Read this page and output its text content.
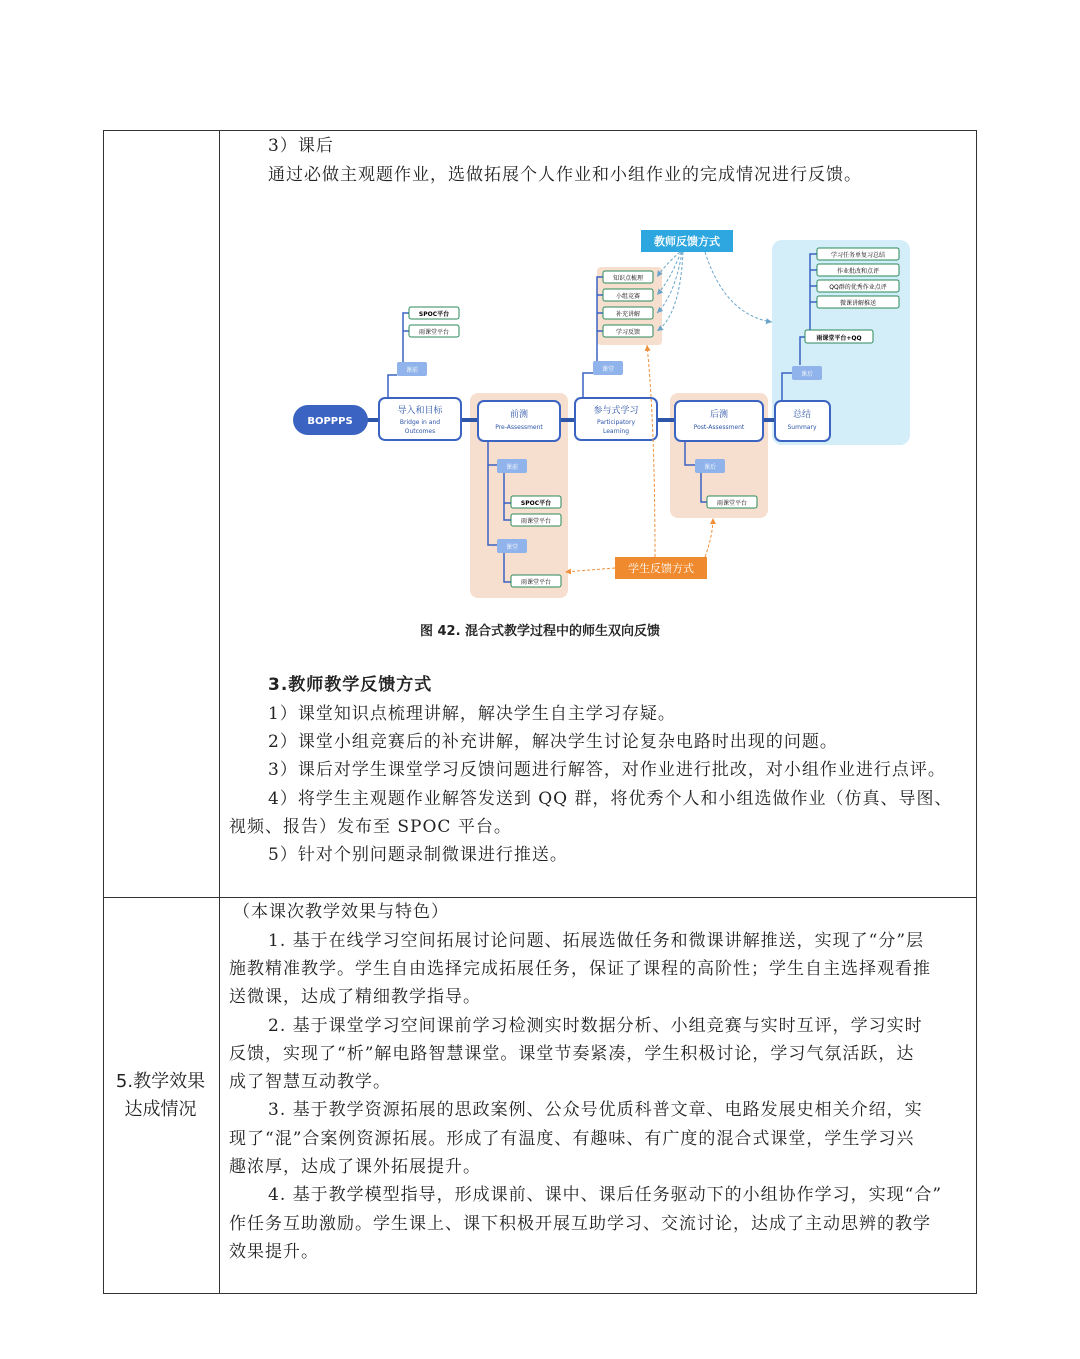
3）课后
通过必做主观题作业，选做拓展个人作业和小组作业的完成情况进行反馈。
BOPPPS
导入和目标
Bridge in and
Outcomes
前测
Pre-Assessment
参与式学习
Participatory
Learning
后测
Post-Assessment
总结
Summary
课前
SPOC平台
雨课堂平台
课前
SPOC平台
雨课堂平台
课堂
雨课堂平台
课堂
知识点梳理
小组竞赛
补充讲解
学习反馈
课后
雨课堂平台
课后
雨课堂平台+QQ
学习任务单复习总结
作业批改和点评
QQ群的优秀作业点评
微课讲解推送
教师反馈方式
学生反馈方式
图 42. 混合式教学过程中的师生双向反馈
3.教师教学反馈方式
1）课堂知识点梳理讲解，解决学生自主学习存疑。
2）课堂小组竞赛后的补充讲解，解决学生讨论复杂电路时出现的问题。
3）课后对学生课堂学习反馈问题进行解答，对作业进行批改，对小组作业进行点评。
4）将学生主观题作业解答发送到 QQ 群，将优秀个人和小组选做作业（仿真、导图、
视频、报告）发布至 SPOC 平台。
5）针对个别问题录制微课进行推送。
5.教学效果
达成情况
（本课次教学效果与特色）
1. 基于在线学习空间拓展讨论问题、拓展选做任务和微课讲解推送，实现了“分”层
施教精准教学。学生自由选择完成拓展任务，保证了课程的高阶性；学生自主选择观看推
送微课，达成了精细教学指导。
2. 基于课堂学习空间课前学习检测实时数据分析、小组竞赛与实时互评，学习实时
反馈，实现了“析”解电路智慧课堂。课堂节奏紧凑，学生积极讨论，学习气氛活跃，达
成了智慧互动教学。
3. 基于教学资源拓展的思政案例、公众号优质科普文章、电路发展史相关介绍，实
现了“混”合案例资源拓展。形成了有温度、有趣味、有广度的混合式课堂，学生学习兴
趣浓厚，达成了课外拓展提升。
4. 基于教学模型指导，形成课前、课中、课后任务驱动下的小组协作学习，实现“合”
作任务互助激励。学生课上、课下积极开展互助学习、交流讨论，达成了主动思辨的教学
效果提升。
